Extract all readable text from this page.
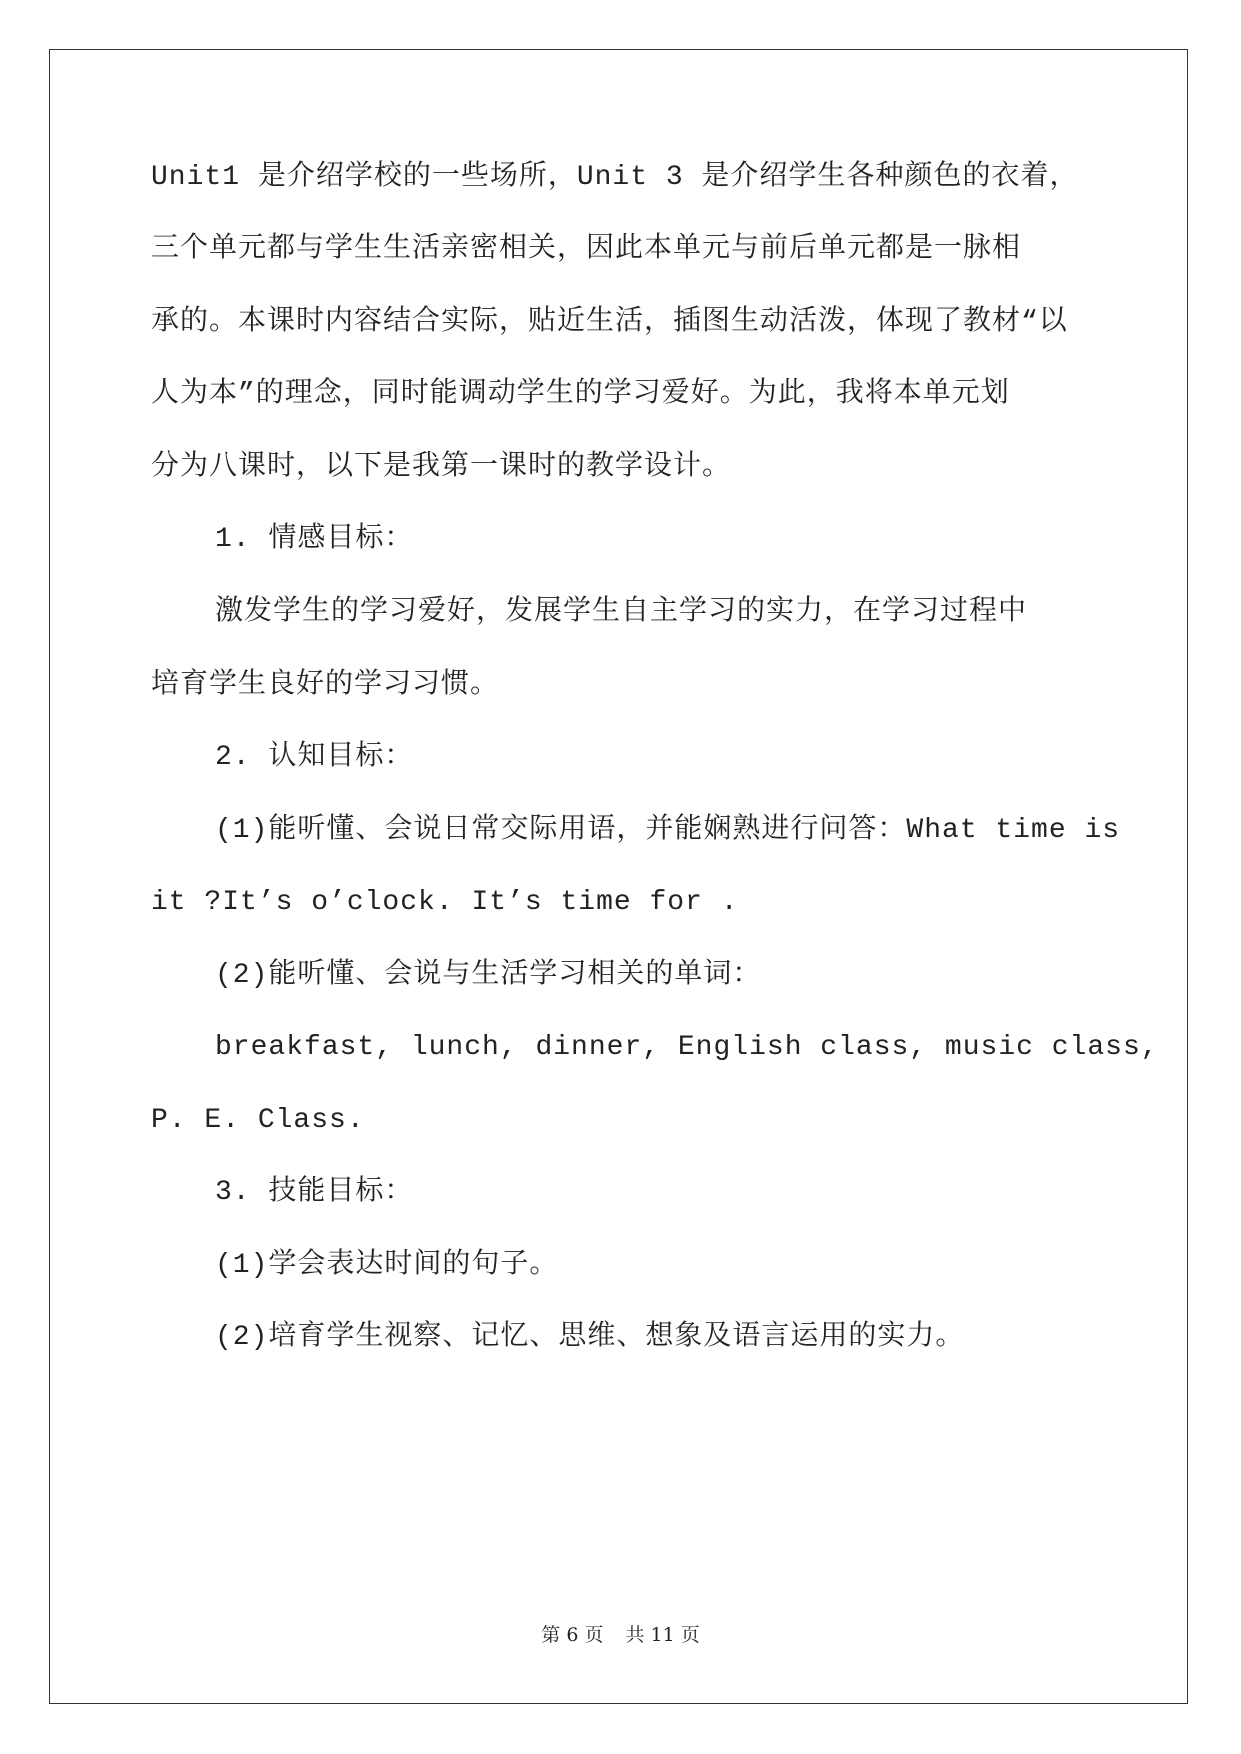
Unit1 是介绍学校的一些场所，Unit 3 是介绍学生各种颜色的衣着，
三个单元都与学生生活亲密相关，因此本单元与前后单元都是一脉相
承的。本课时内容结合实际，贴近生活，插图生动活泼，体现了教材“以
人为本”的理念，同时能调动学生的学习爱好。为此，我将本单元划
分为八课时，以下是我第一课时的教学设计。
1. 情感目标：
激发学生的学习爱好，发展学生自主学习的实力，在学习过程中
培育学生良好的学习习惯。
2. 认知目标：
(1)能听懂、会说日常交际用语，并能娴熟进行问答：What time is
it ?It’s o’clock. It’s time for .
(2)能听懂、会说与生活学习相关的单词：
breakfast, lunch, dinner, English class, music class,
P. E. Class.
3. 技能目标：
(1)学会表达时间的句子。
(2)培育学生视察、记忆、思维、想象及语言运用的实力。
第 6 页 共 11 页
